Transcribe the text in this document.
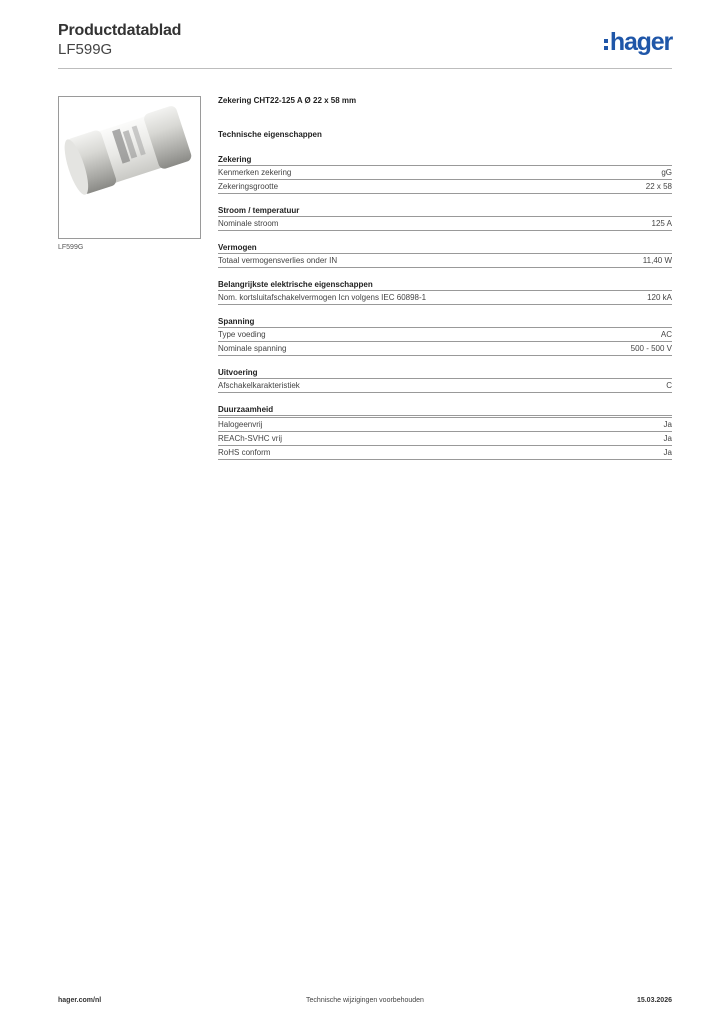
Productdatablad
LF599G	hager
LF599G
Zekering CHT22-125 A Ø 22 x 58 mm
Technische eigenschappen
Zekering
Kenmerken zekering	gG
Zekeringsgrootte	22 x 58
Stroom / temperatuur
Nominale stroom	125 A
Vermogen
Totaal vermogensverlies onder IN	11,40 W
Belangrijkste elektrische eigenschappen
Nom. kortsluitafschakelvermogen Icn volgens IEC 60898-1	120 kA
Spanning
Type voeding	AC
Nominale spanning	500 - 500 V
Uitvoering
Afschakelkarakteristiek	C
Duurzaamheid
Halogeenvrij	Ja
REACh-SVHC vrij	Ja
RoHS conform	Ja
hager.com/nl	Technische wijzigingen voorbehouden	15.03.2026
